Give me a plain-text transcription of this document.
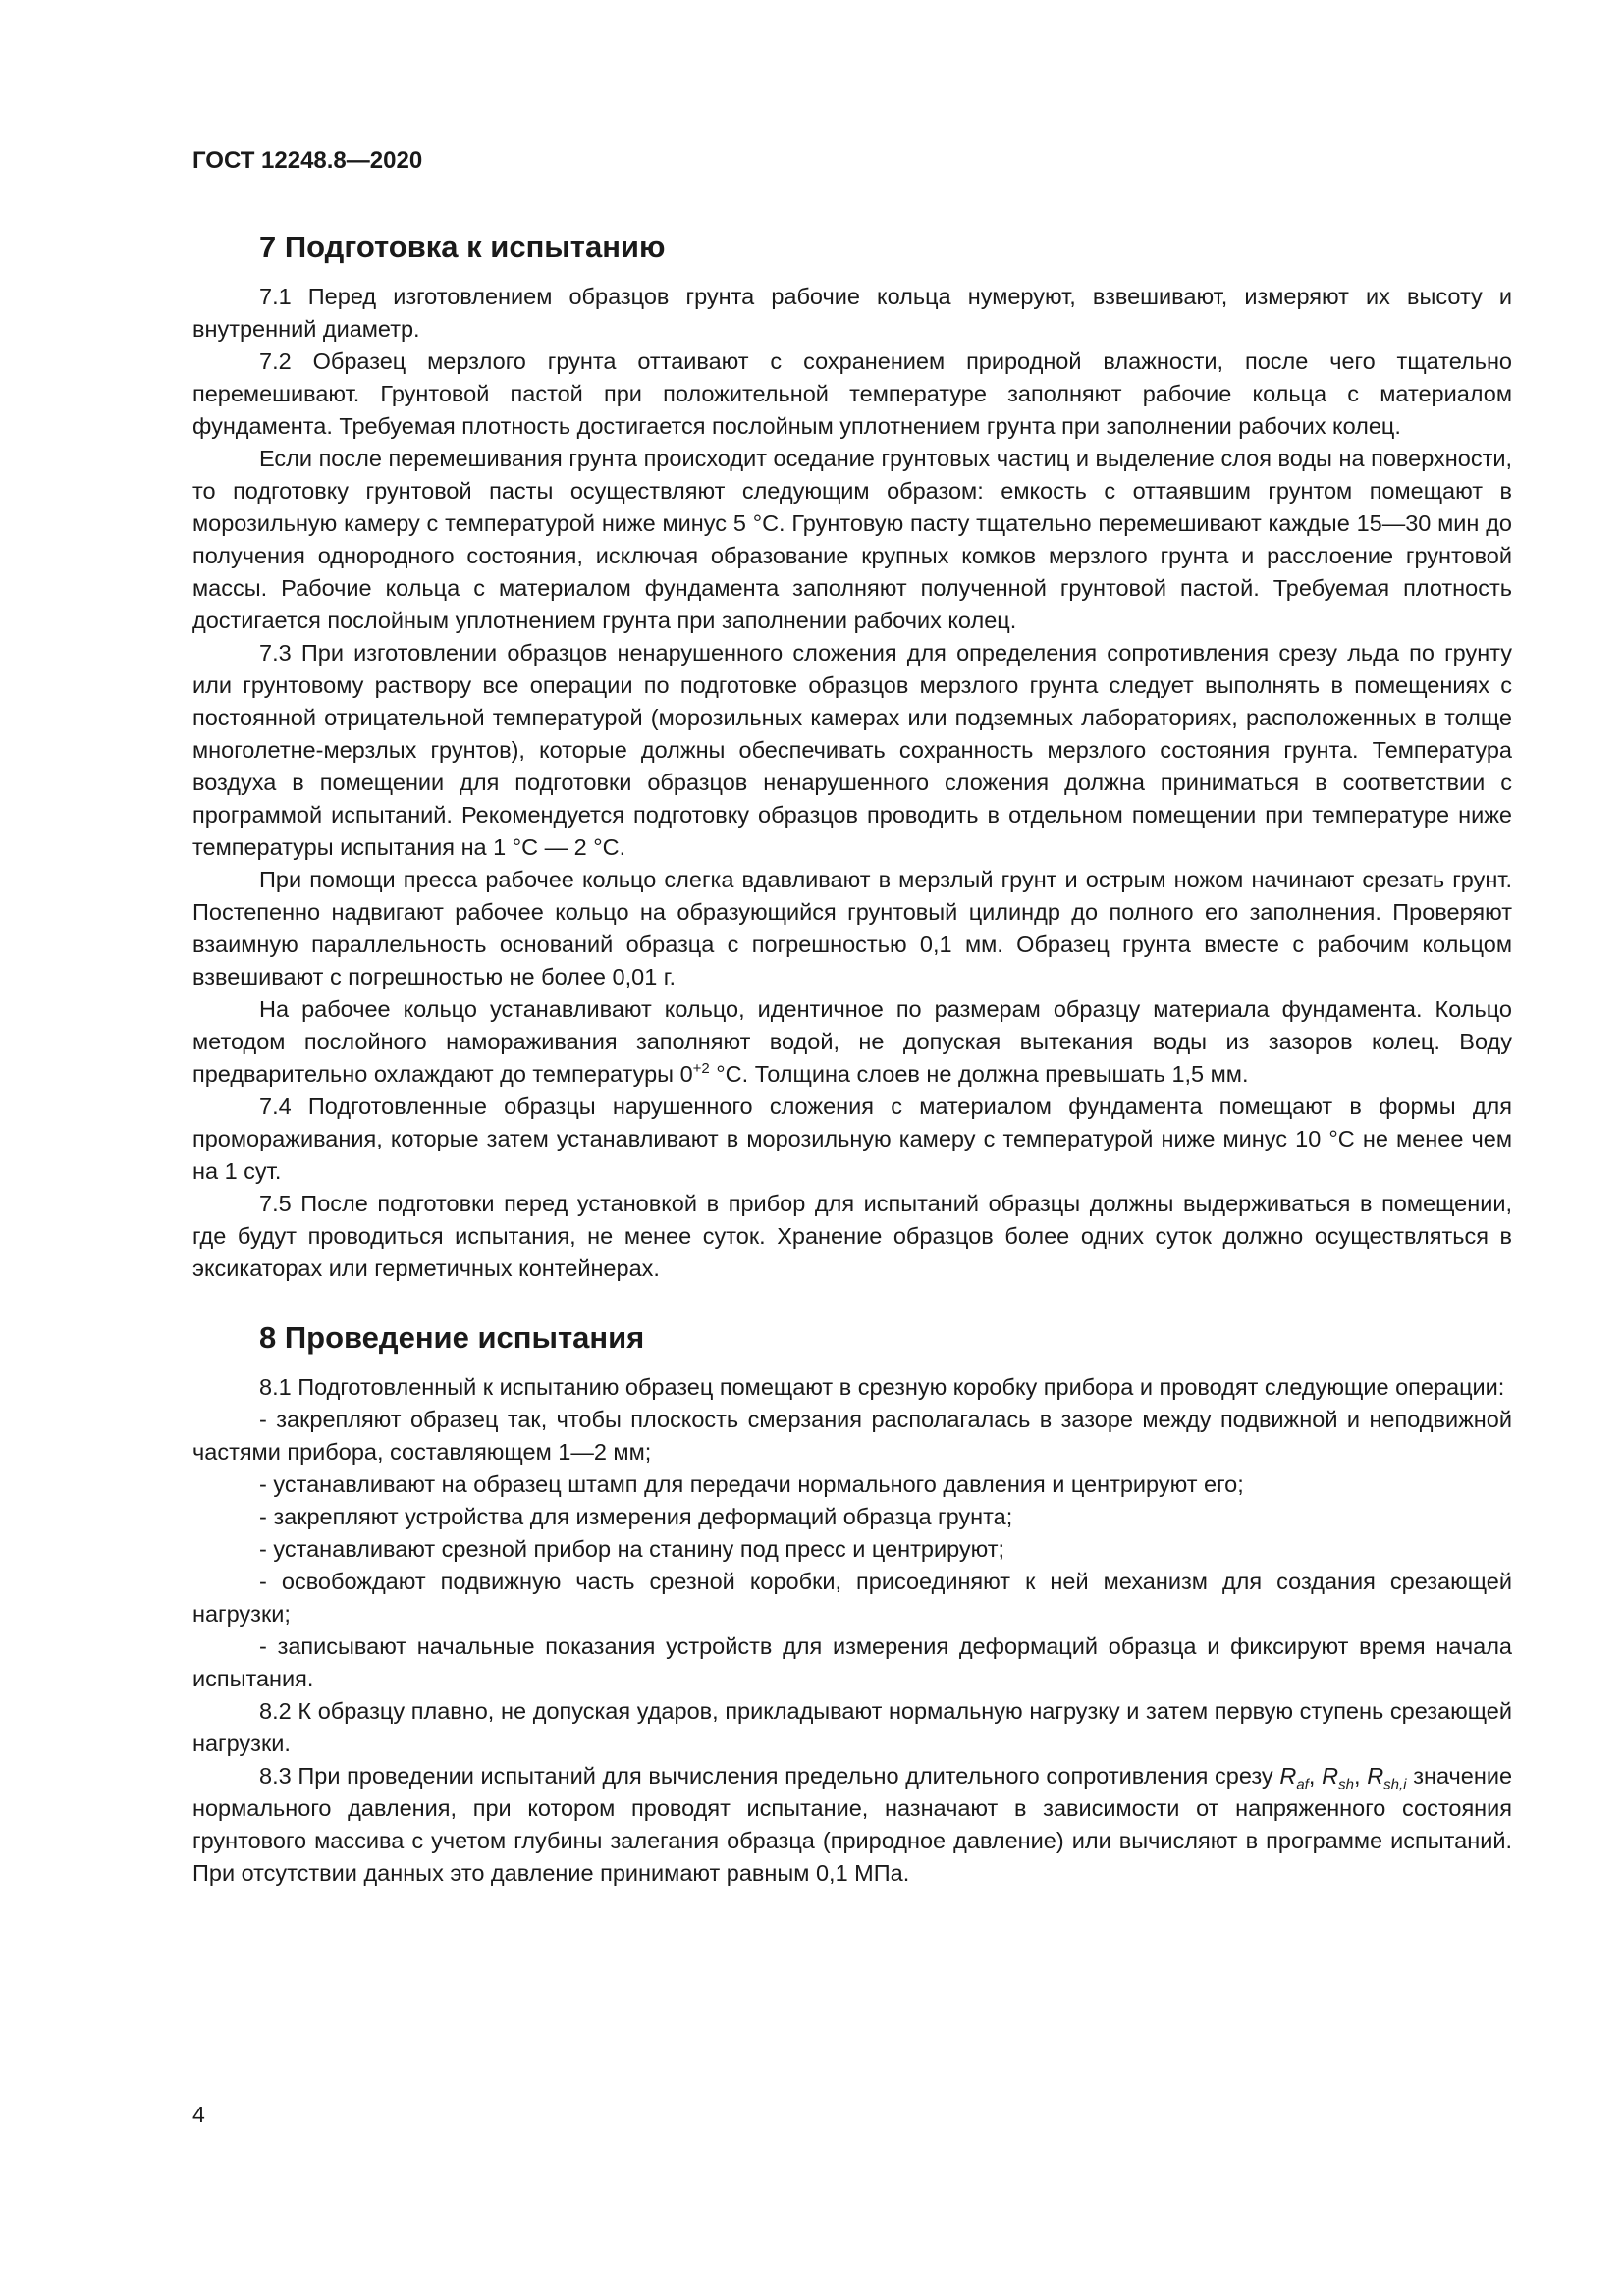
ГОСТ 12248.8—2020
7 Подготовка к испытанию

7.1 Перед изготовлением образцов грунта рабочие кольца нумеруют, взвешивают, измеряют их высоту и внутренний диаметр.

7.2 Образец мерзлого грунта оттаивают с сохранением природной влажности, после чего тщательно перемешивают. Грунтовой пастой при положительной температуре заполняют рабочие кольца с материалом фундамента. Требуемая плотность достигается послойным уплотнением грунта при заполнении рабочих колец.

Если после перемешивания грунта происходит оседание грунтовых частиц и выделение слоя воды на поверхности, то подготовку грунтовой пасты осуществляют следующим образом: емкость с оттаявшим грунтом помещают в морозильную камеру с температурой ниже минус 5 °С. Грунтовую пасту тщательно перемешивают каждые 15—30 мин до получения однородного состояния, исключая образование крупных комков мерзлого грунта и расслоение грунтовой массы. Рабочие кольца с материалом фундамента заполняют полученной грунтовой пастой. Требуемая плотность достигается послойным уплотнением грунта при заполнении рабочих колец.

7.3 При изготовлении образцов ненарушенного сложения для определения сопротивления срезу льда по грунту или грунтовому раствору все операции по подготовке образцов мерзлого грунта следует выполнять в помещениях с постоянной отрицательной температурой (морозильных камерах или подземных лабораториях, расположенных в толще многолетне-мерзлых грунтов), которые должны обеспечивать сохранность мерзлого состояния грунта. Температура воздуха в помещении для подготовки образцов ненарушенного сложения должна приниматься в соответствии с программой испытаний. Рекомендуется подготовку образцов проводить в отдельном помещении при температуре ниже температуры испытания на 1 °С — 2 °С.

При помощи пресса рабочее кольцо слегка вдавливают в мерзлый грунт и острым ножом начинают срезать грунт. Постепенно надвигают рабочее кольцо на образующийся грунтовый цилиндр до полного его заполнения. Проверяют взаимную параллельность оснований образца с погрешностью 0,1 мм. Образец грунта вместе с рабочим кольцом взвешивают с погрешностью не более 0,01 г.

На рабочее кольцо устанавливают кольцо, идентичное по размерам образцу материала фундамента. Кольцо методом послойного намораживания заполняют водой, не допуская вытекания воды из зазоров колец. Воду предварительно охлаждают до температуры $0^{+2}$ °С. Толщина слоев не должна превышать 1,5 мм.

7.4 Подготовленные образцы нарушенного сложения с материалом фундамента помещают в формы для промораживания, которые затем устанавливают в морозильную камеру с температурой ниже минус 10 °С не менее чем на 1 сут.

7.5 После подготовки перед установкой в прибор для испытаний образцы должны выдерживаться в помещении, где будут проводиться испытания, не менее суток. Хранение образцов более одних суток должно осуществляться в эксикаторах или герметичных контейнерах.

8 Проведение испытания

8.1 Подготовленный к испытанию образец помещают в срезную коробку прибора и проводят следующие операции:

- закрепляют образец так, чтобы плоскость смерзания располагалась в зазоре между подвижной и неподвижной частями прибора, составляющем 1—2 мм;

- устанавливают на образец штамп для передачи нормального давления и центрируют его;

- закрепляют устройства для измерения деформаций образца грунта;

- устанавливают срезной прибор на станину под пресс и центрируют;

- освобождают подвижную часть срезной коробки, присоединяют к ней механизм для создания срезающей нагрузки;

- записывают начальные показания устройств для измерения деформаций образца и фиксируют время начала испытания.

8.2 К образцу плавно, не допуская ударов, прикладывают нормальную нагрузку и затем первую ступень срезающей нагрузки.

8.3 При проведении испытаний для вычисления предельно длительного сопротивления срезу $R_{af}$, $R_{sh}$, $R_{sh,i}$ значение нормального давления, при котором проводят испытание, назначают в зависимости от напряженного состояния грунтового массива с учетом глубины залегания образца (природное давление) или вычисляют в программе испытаний. При отсутствии данных это давление принимают равным 0,1 МПа.

4
